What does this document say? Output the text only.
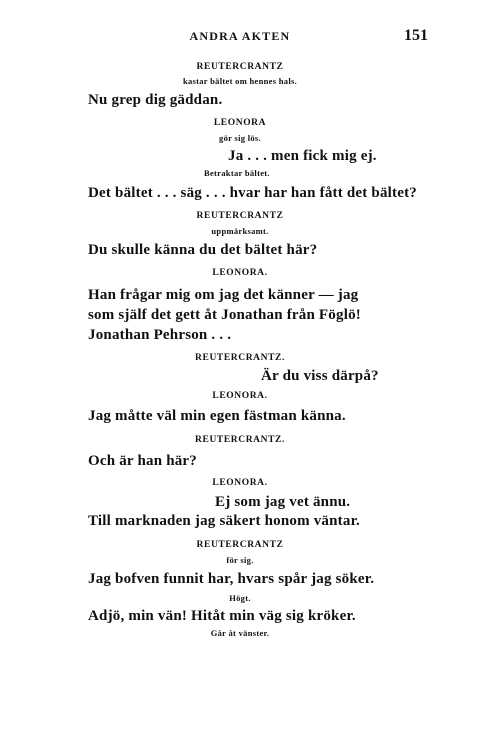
ANDRA AKTEN	151
REUTERCRANTZ
kastar bältet om hennes hals.
Nu grep dig gäddan.
LEONORA
gör sig lös.
Ja . . . men fick mig ej.
Betraktar bältet.
Det bältet . . . säg . . . hvar har han fått det bältet?
REUTERCRANTZ
uppmärksamt.
Du skulle känna du det bältet här?
LEONORA.
Han frågar mig om jag det känner — jag
som själf det gett åt Jonathan från Föglö!
Jonathan Pehrson . . .
REUTERCRANTZ.
Är du viss därpå?
LEONORA.
Jag måtte väl min egen fästman känna.
REUTERCRANTZ.
Och är han här?
LEONORA.
Ej som jag vet ännu.
Till marknaden jag säkert honom väntar.
REUTERCRANTZ
för sig.
Jag bofven funnit har, hvars spår jag söker.
Högt.
Adjö, min vän! Hitåt min väg sig kröker.
Går åt vänster.
